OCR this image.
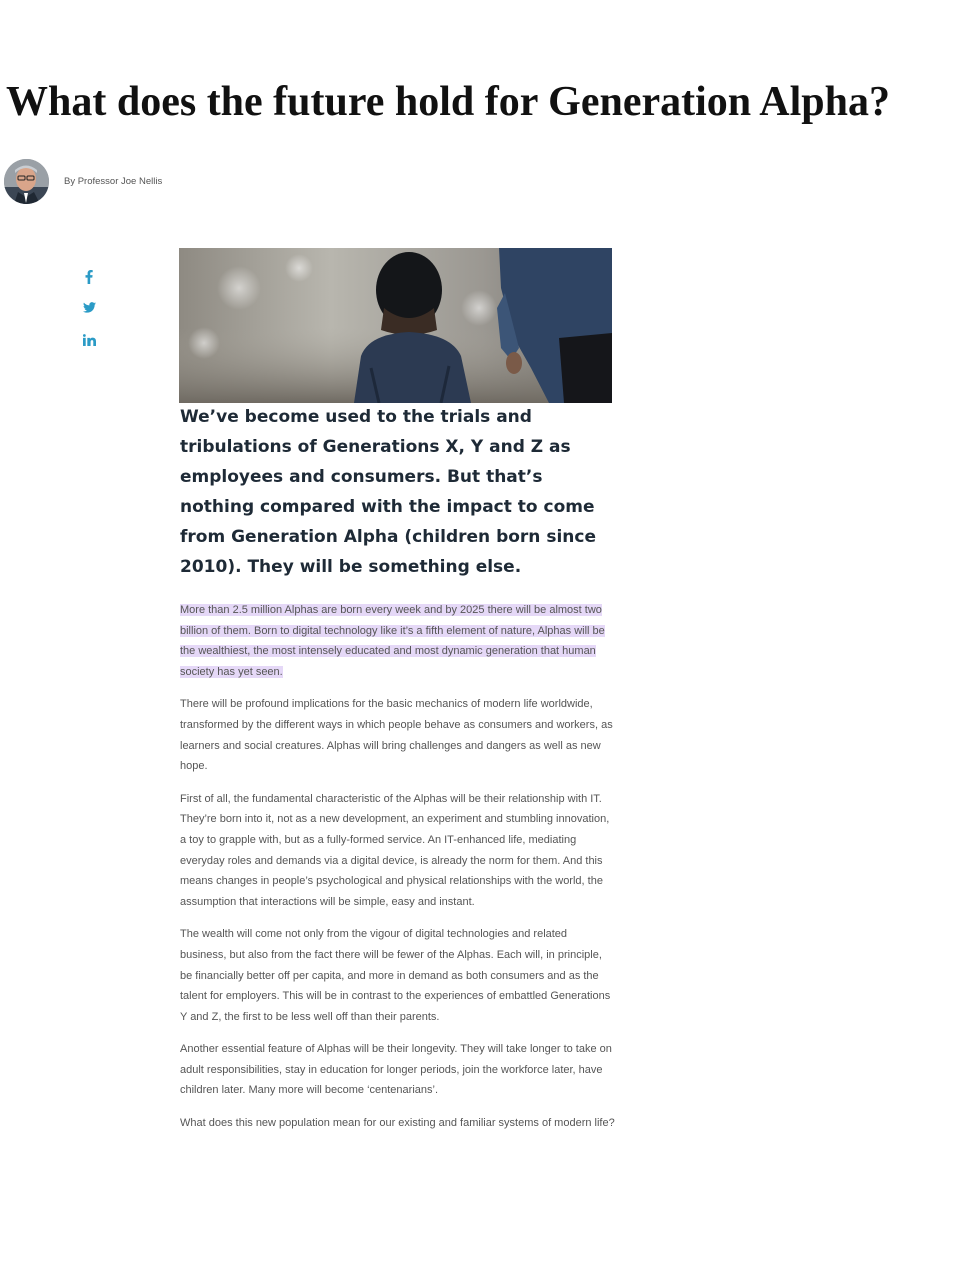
What does the future hold for Generation Alpha?
By Professor Joe Nellis

We’ve become used to the trials and tribulations of Generations X, Y and Z as employees and consumers. But that’s nothing compared with the impact to come from Generation Alpha (children born since 2010). They will be something else.

More than 2.5 million Alphas are born every week and by 2025 there will be almost two billion of them. Born to digital technology like it’s a fifth element of nature, Alphas will be the wealthiest, the most intensely educated and most dynamic generation that human society has yet seen.

There will be profound implications for the basic mechanics of modern life worldwide, transformed by the different ways in which people behave as consumers and workers, as learners and social creatures. Alphas will bring challenges and dangers as well as new hope.

First of all, the fundamental characteristic of the Alphas will be their relationship with IT. They’re born into it, not as a new development, an experiment and stumbling innovation, a toy to grapple with, but as a fully-formed service. An IT-enhanced life, mediating everyday roles and demands via a digital device, is already the norm for them. And this means changes in people’s psychological and physical relationships with the world, the assumption that interactions will be simple, easy and instant.

The wealth will come not only from the vigour of digital technologies and related business, but also from the fact there will be fewer of the Alphas. Each will, in principle, be financially better off per capita, and more in demand as both consumers and as the talent for employers. This will be in contrast to the experiences of embattled Generations Y and Z, the first to be less well off than their parents.

Another essential feature of Alphas will be their longevity. They will take longer to take on adult responsibilities, stay in education for longer periods, join the workforce later, have children later. Many more will become ‘centenarians’.

What does this new population mean for our existing and familiar systems of modern life?
